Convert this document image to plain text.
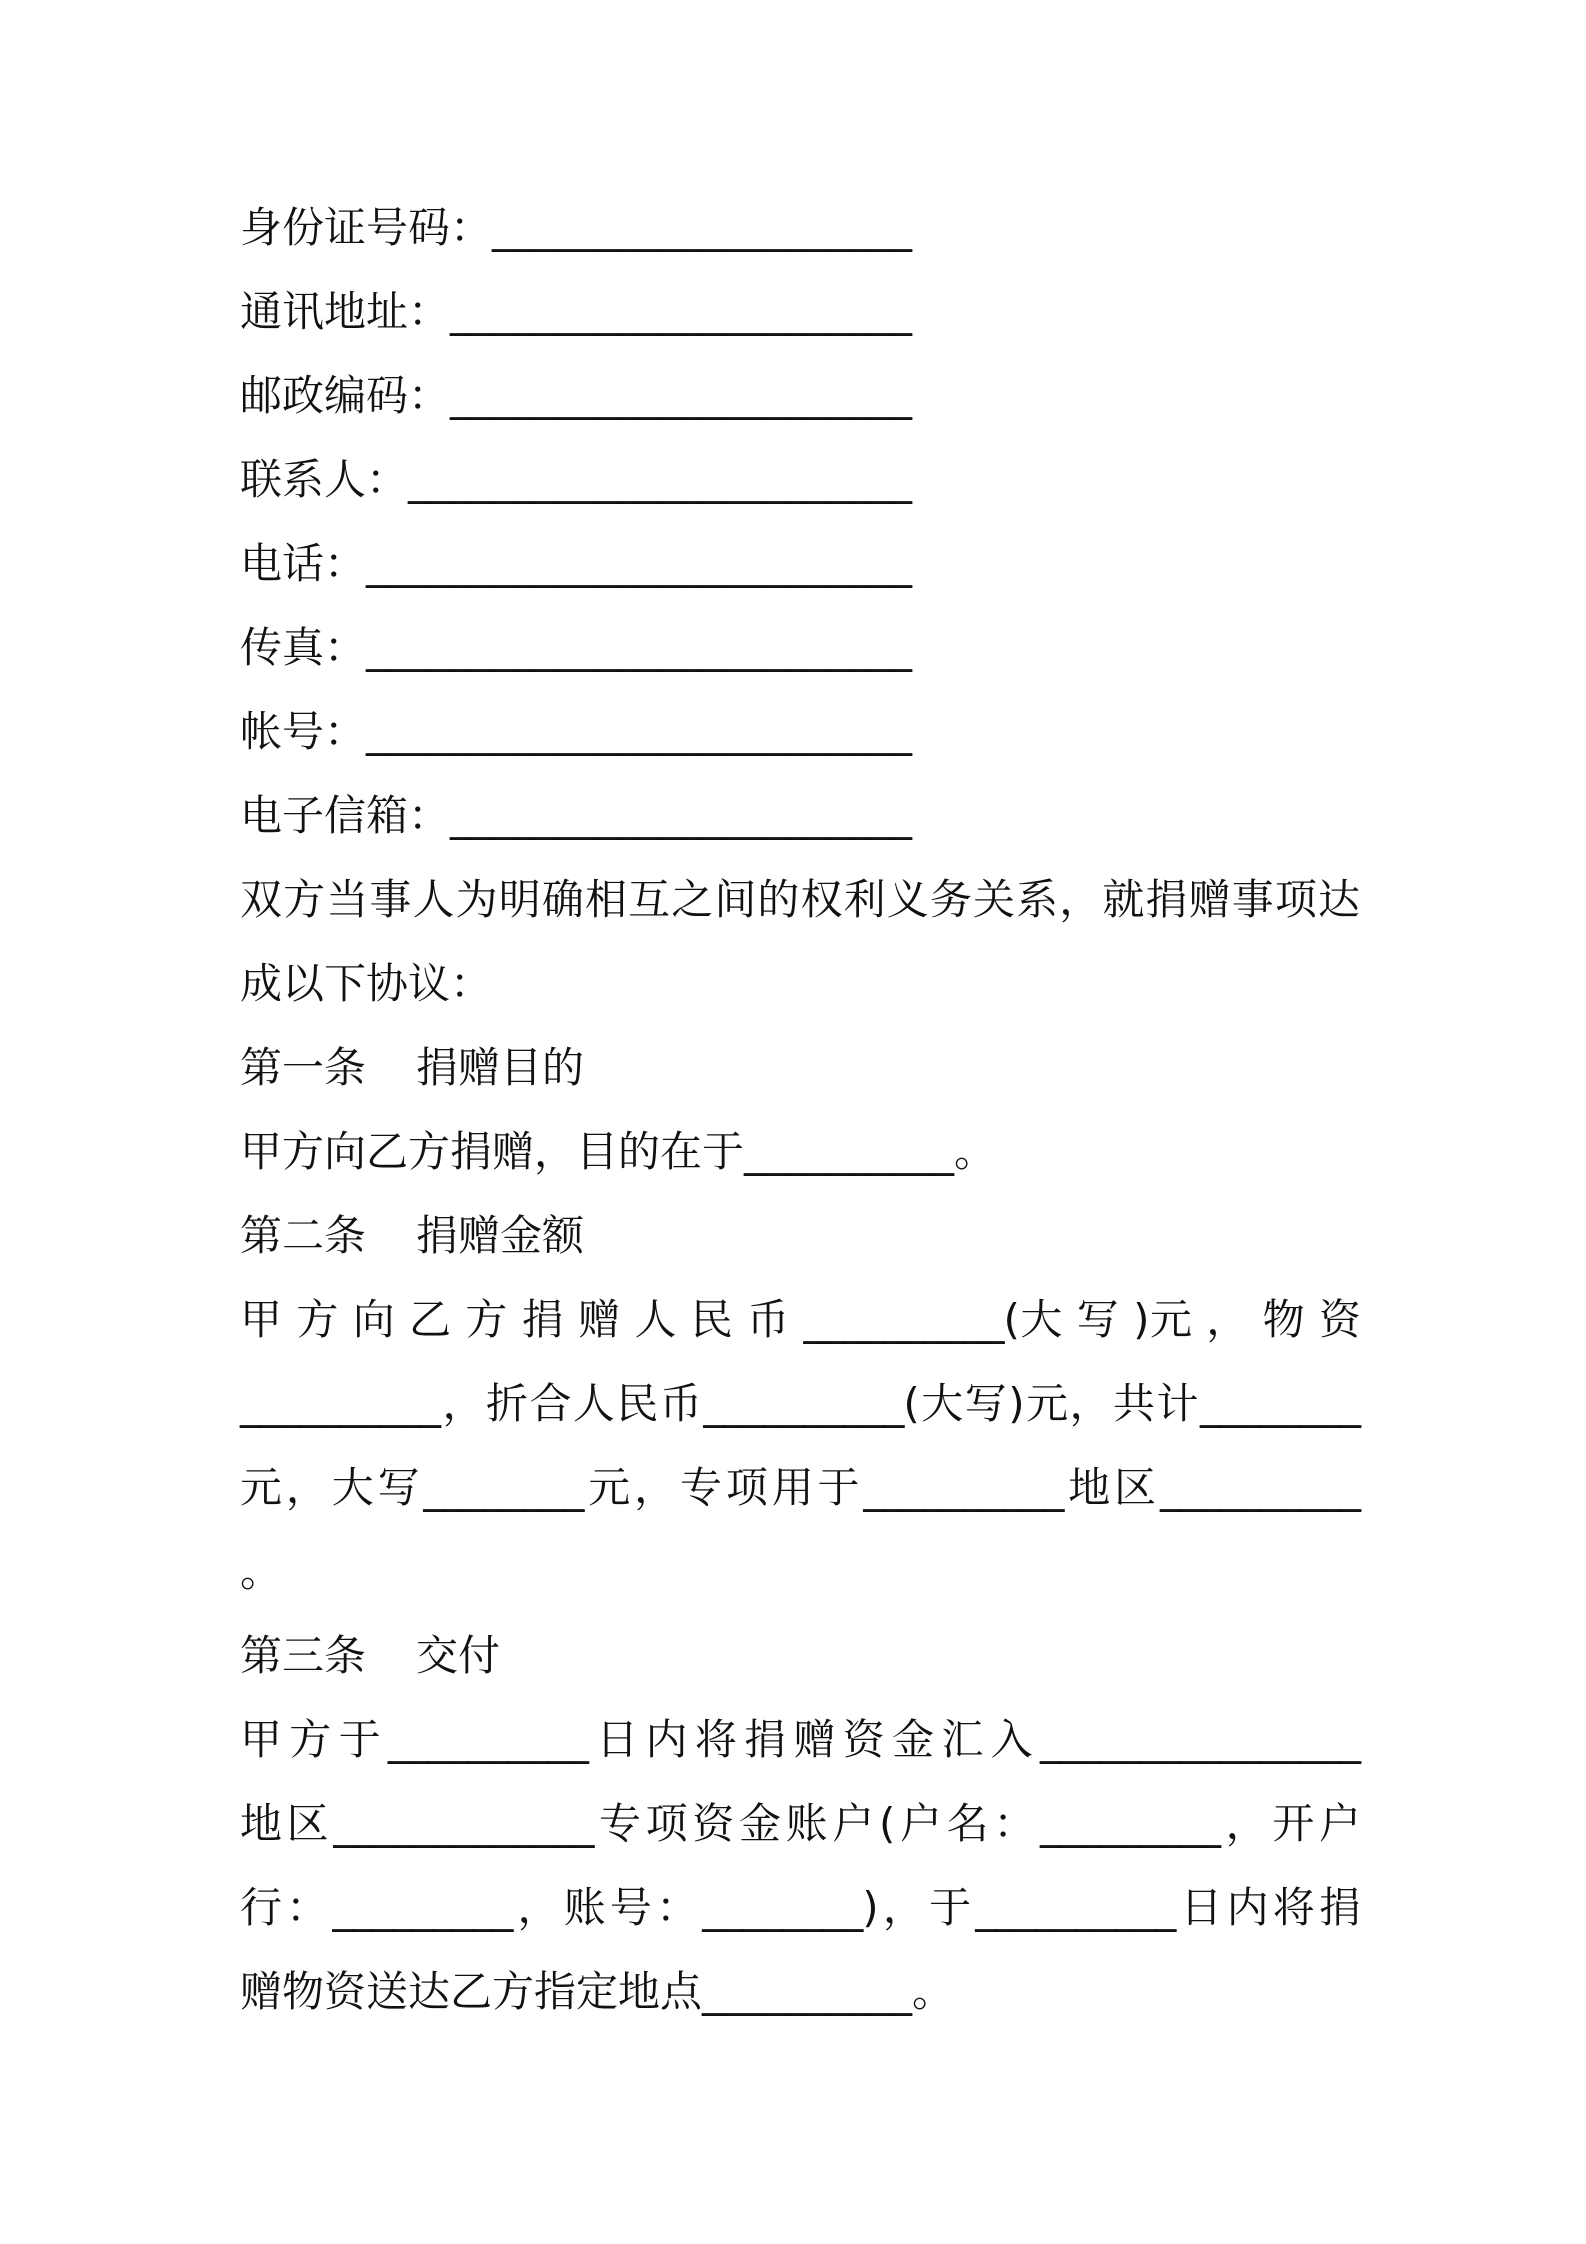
身份证号码：____________________
通讯地址：______________________
邮政编码：______________________
联系人：________________________
电话：__________________________
传真：__________________________
帐号：__________________________
电子信箱：______________________
双方当事人为明确相互之间的权利义务关系，就捐赠事项达
成以下协议：
第一条 捐赠目的
甲方向乙方捐赠，目的在于__________。
第二条 捐赠金额
甲 方 向 乙 方 捐 赠 人 民 币 __________(大 写 )元 ， 物 资
__________，折合人民币__________(大写)元，共计________
元，大写________元，专项用于__________地区__________
。
第三条 交付
甲方于__________日内将捐赠资金汇入________________
地区_____________专项资金账户(户名：_________，开户
行：_________，账号：________)，于__________日内将捐
赠物资送达乙方指定地点__________。
